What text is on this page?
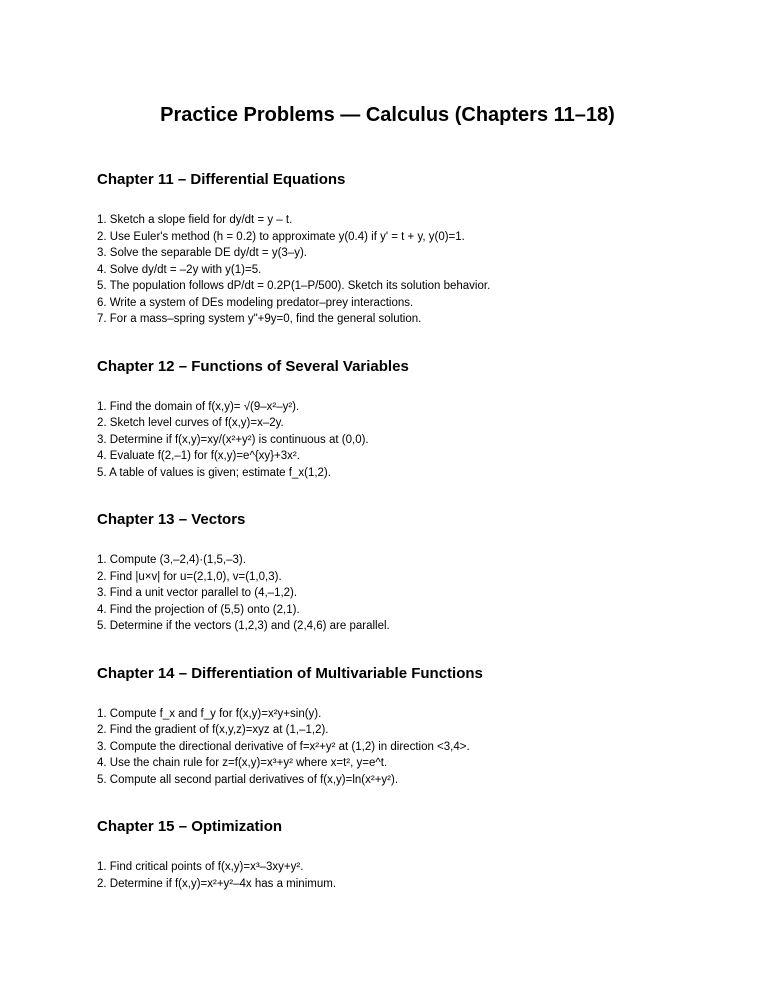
Practice Problems — Calculus (Chapters 11–18)
Chapter 11 – Differential Equations
1. Sketch a slope field for dy/dt = y – t.
2. Use Euler's method (h = 0.2) to approximate y(0.4) if y' = t + y, y(0)=1.
3. Solve the separable DE dy/dt = y(3–y).
4. Solve dy/dt = –2y with y(1)=5.
5. The population follows dP/dt = 0.2P(1–P/500). Sketch its solution behavior.
6. Write a system of DEs modeling predator–prey interactions.
7. For a mass–spring system y"+9y=0, find the general solution.
Chapter 12 – Functions of Several Variables
1. Find the domain of f(x,y)= √(9–x²–y²).
2. Sketch level curves of f(x,y)=x–2y.
3. Determine if f(x,y)=xy/(x²+y²) is continuous at (0,0).
4. Evaluate f(2,–1) for f(x,y)=e^{xy}+3x².
5. A table of values is given; estimate f_x(1,2).
Chapter 13 – Vectors
1. Compute (3,–2,4)·(1,5,–3).
2. Find |u×v| for u=(2,1,0), v=(1,0,3).
3. Find a unit vector parallel to (4,–1,2).
4. Find the projection of (5,5) onto (2,1).
5. Determine if the vectors (1,2,3) and (2,4,6) are parallel.
Chapter 14 – Differentiation of Multivariable Functions
1. Compute f_x and f_y for f(x,y)=x²y+sin(y).
2. Find the gradient of f(x,y,z)=xyz at (1,–1,2).
3. Compute the directional derivative of f=x²+y² at (1,2) in direction <3,4>.
4. Use the chain rule for z=f(x,y)=x³+y² where x=t², y=e^t.
5. Compute all second partial derivatives of f(x,y)=ln(x²+y²).
Chapter 15 – Optimization
1. Find critical points of f(x,y)=x³–3xy+y².
2. Determine if f(x,y)=x²+y²–4x has a minimum.
